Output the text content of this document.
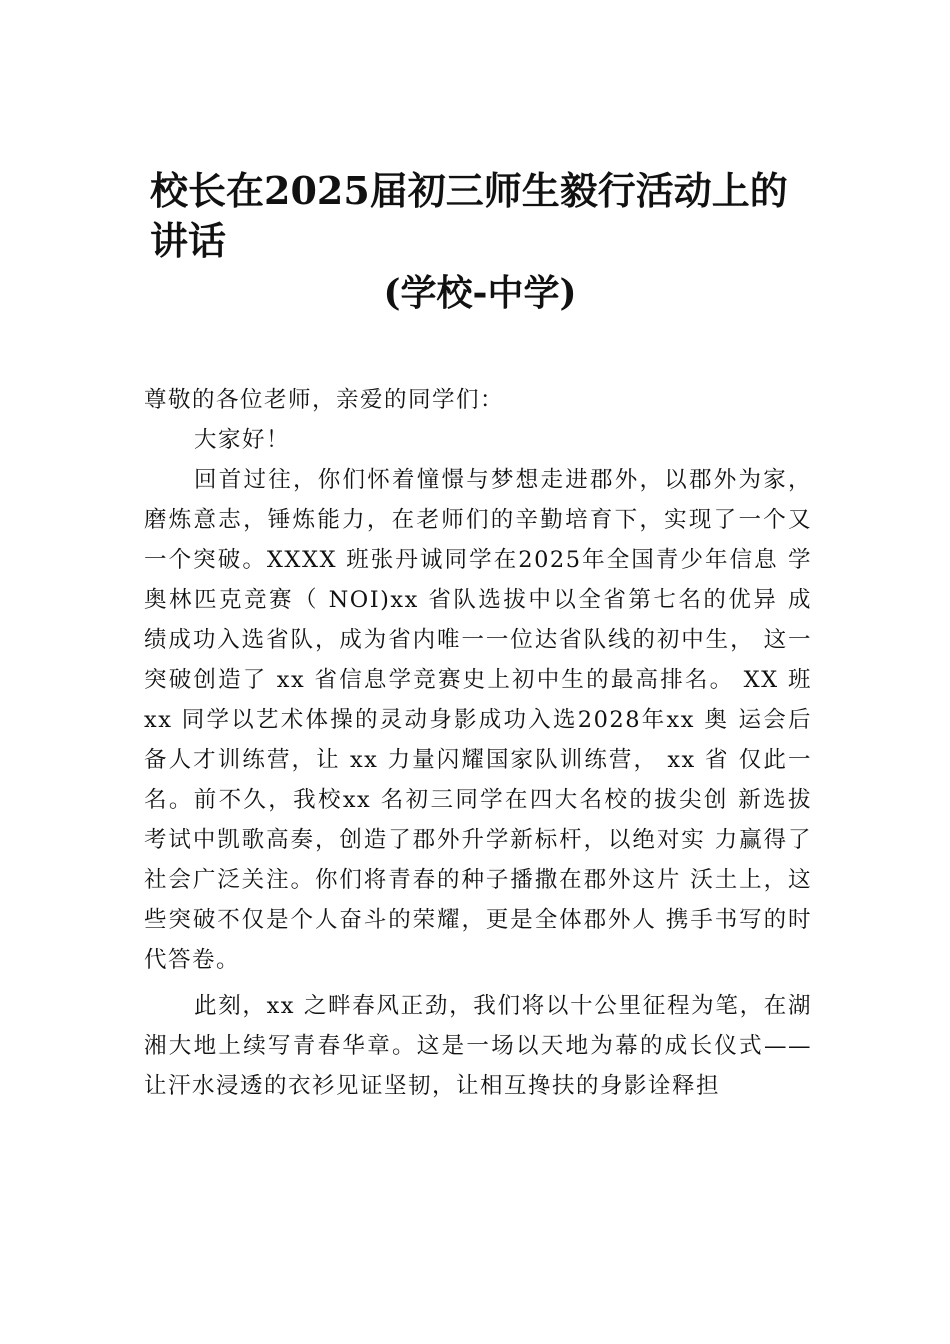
校长在2025届初三师生毅行活动上的讲话
(学校-中学)

尊敬的各位老师，亲爱的同学们：

大家好！

回首过往，你们怀着憧憬与梦想走进郡外，以郡外为家，磨炼意志，锤炼能力，在老师们的辛勤培育下，实现了一个又一个突破。XXXX 班张丹诚同学在2025年全国青少年信息 学奥林匹克竞赛（ NOI)xx 省队选拔中以全省第七名的优异 成绩成功入选省队，成为省内唯一一位达省队线的初中生， 这一突破创造了 xx 省信息学竞赛史上初中生的最高排名。 XX 班 xx 同学以艺术体操的灵动身影成功入选2028年xx 奥 运会后备人才训练营，让 xx 力量闪耀国家队训练营， xx 省 仅此一名。前不久，我校xx 名初三同学在四大名校的拔尖创 新选拔考试中凯歌高奏，创造了郡外升学新标杆，以绝对实 力赢得了社会广泛关注。你们将青春的种子播撒在郡外这片 沃土上，这些突破不仅是个人奋斗的荣耀，更是全体郡外人 携手书写的时代答卷。

此刻，xx 之畔春风正劲，我们将以十公里征程为笔，在湖湘大地上续写青春华章。这是一场以天地为幕的成长仪式——让汗水浸透的衣衫见证坚韧，让相互搀扶的身影诠释担
